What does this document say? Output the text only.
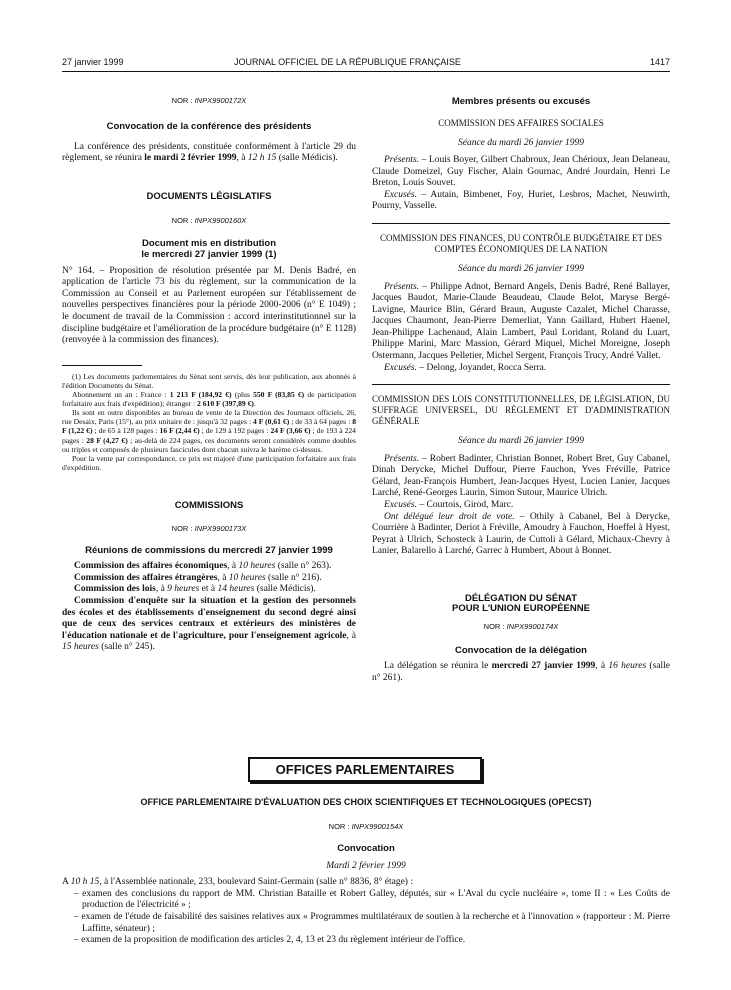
27 janvier 1999	JOURNAL OFFICIEL DE LA RÉPUBLIQUE FRANÇAISE	1417
NOR : INPX9900172X
Convocation de la conférence des présidents

La conférence des présidents, constituée conformément à l'article 29 du règlement, se réunira le mardi 2 février 1999, à 12 h 15 (salle Médicis).

DOCUMENTS LÉGISLATIFS
NOR : INPX9900160X
Document mis en distribution
le mercredi 27 janvier 1999 (1)

N° 164. – Proposition de résolution présentée par M. Denis Badré, en application de l'article 73 bis du règlement, sur la communication de la Commission au Conseil et au Parlement européen sur l'établissement de nouvelles perspectives financières pour la période 2000-2006 (n° E 1049) ; le document de travail de la Commission : accord interinstitutionnel sur la discipline budgétaire et l'amélioration de la procédure budgétaire (n° E 1128) (renvoyée à la commission des finances).

(1) Les documents parlementaires du Sénat sont servis, dès leur publication, aux abonnés à l'édition Documents du Sénat.

Abonnement un an : France : 1 213 F (184,92 €) (plus 550 F (83,85 €) de participation forfaitaire aux frais d'expédition); étranger : 2 610 F (397,89 €).

Ils sont en outre disponibles au bureau de vente de la Direction des Journaux officiels, 26, rue Desaix, Paris (15°), au prix unitaire de : jusqu'à 32 pages : 4 F (0,61 €) ; de 33 à 64 pages : 8 F (1,22 €) ; de 65 à 128 pages : 16 F (2,44 €) ; de 129 à 192 pages : 24 F (3,66 €) ; de 193 à 224 pages : 28 F (4,27 €) ; au-delà de 224 pages, ces documents seront considérés comme doubles ou triples et composés de plusieurs fascicules dont chacun suivra le barème ci-dessus.

Pour la vente par correspondance, ce prix est majoré d'une participation forfaitaire aux frais d'expédition.

COMMISSIONS
NOR : INPX9900173X
Réunions de commissions du mercredi 27 janvier 1999

Commission des affaires économiques, à 10 heures (salle n° 263).

Commission des affaires étrangères, à 10 heures (salle n° 216).

Commission des lois, à 9 heures et à 14 heures (salle Médicis).

Commission d'enquête sur la situation et la gestion des personnels des écoles et des établissements d'enseignement du second degré ainsi que de ceux des services centraux et extérieurs des ministères de l'éducation nationale et de l'agriculture, pour l'enseignement agricole, à 15 heures (salle n° 245).

Membres présents ou excusés
COMMISSION DES AFFAIRES SOCIALES
Séance du mardi 26 janvier 1999

Présents. – Louis Boyer, Gilbert Chabroux, Jean Chérioux, Jean Delaneau, Claude Domeizel, Guy Fischer, Alain Gournac, André Jourdain, Henri Le Breton, Louis Souvet.

Excusés. – Autain, Bimbenet, Foy, Huriet, Lesbros, Machet, Neuwirth, Pourny, Vasselle.

COMMISSION DES FINANCES, DU CONTRÔLE BUDGÉTAIRE ET DES COMPTES ÉCONOMIQUES DE LA NATION
Séance du mardi 26 janvier 1999

Présents. – Philippe Adnot, Bernard Angels, Denis Badré, René Ballayer, Jacques Baudot, Marie-Claude Beaudeau, Claude Belot, Maryse Bergé-Lavigne, Maurice Blin, Gérard Braun, Auguste Cazalet, Michel Charasse, Jacques Chaumont, Jean-Pierre Demerliat, Yann Gaillard, Hubert Haenel, Jean-Philippe Lachenaud, Alain Lambert, Paul Loridant, Roland du Luart, Philippe Marini, Marc Massion, Gérard Miquel, Michel Moreigne, Joseph Ostermann, Jacques Pelletier, Michel Sergent, François Trucy, André Vallet.

Excusés. – Delong, Joyandet, Rocca Serra.

COMMISSION DES LOIS CONSTITUTIONNELLES, DE LÉGISLATION, DU SUFFRAGE UNIVERSEL, DU RÈGLEMENT ET D'ADMINISTRATION GÉNÉRALE
Séance du mardi 26 janvier 1999

Présents. – Robert Badinter, Christian Bonnet, Robert Bret, Guy Cabanel, Dinah Derycke, Michel Duffour, Pierre Fauchon, Yves Fréville, Patrice Gélard, Jean-François Humbert, Jean-Jacques Hyest, Lucien Lanier, Jacques Larché, René-Georges Laurin, Simon Sutour, Maurice Ulrich.

Excusés. – Courtois, Girod, Marc.

Ont délégué leur droit de vote. – Othily à Cabanel, Bel à Derycke, Courrière à Badinter, Deriot à Fréville, Amoudry à Fauchon, Hoeffel à Hyest, Peyrat à Ulrich, Schosteck à Laurin, de Cuttoli à Gélard, Michaux-Chevry à Lanier, Balarello à Larché, Garrec à Humbert, About à Bonnet.

DÉLÉGATION DU SÉNAT
POUR L'UNION EUROPÉENNE
NOR : INPX9900174X
Convocation de la délégation

La délégation se réunira le mercredi 27 janvier 1999, à 16 heures (salle n° 261).

OFFICES PARLEMENTAIRES
OFFICE PARLEMENTAIRE D'ÉVALUATION DES CHOIX SCIENTIFIQUES ET TECHNOLOGIQUES (OPECST)
NOR : INPX9900154X
Convocation
Mardi 2 février 1999

A 10 h 15, à l'Assemblée nationale, 233, boulevard Saint-Germain (salle n° 8836, 8° étage) :

– examen des conclusions du rapport de MM. Christian Bataille et Robert Galley, députés, sur « L'Aval du cycle nucléaire », tome II : « Les Coûts de production de l'électricité » ;
– examen de l'étude de faisabilité des saisines relatives aux « Programmes multilatéraux de soutien à la recherche et à l'innovation » (rapporteur : M. Pierre Laffitte, sénateur) ;
– examen de la proposition de modification des articles 2, 4, 13 et 23 du règlement intérieur de l'office.
